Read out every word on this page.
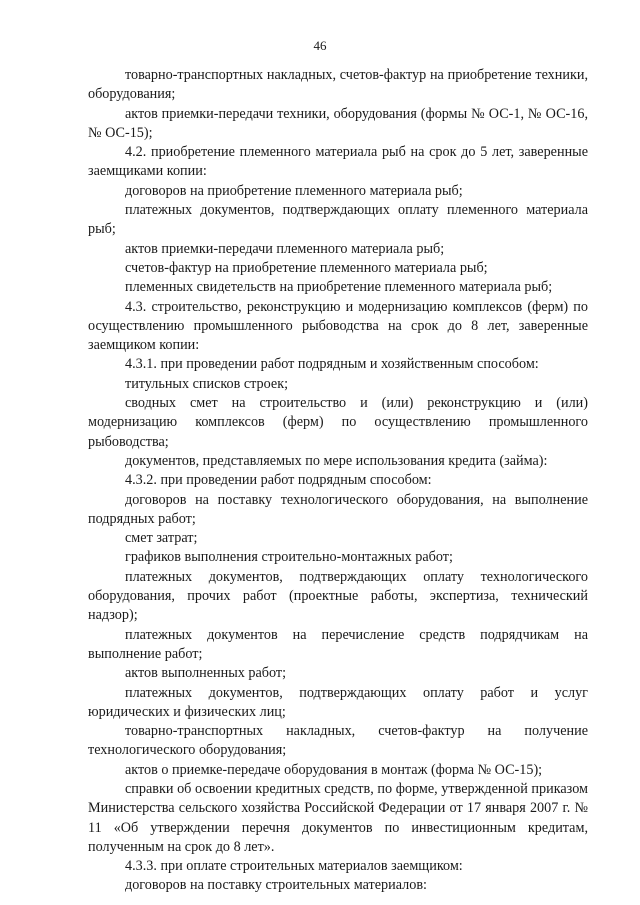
46

товарно-транспортных накладных, счетов-фактур на приобретение техники, оборудования;

актов приемки-передачи техники, оборудования (формы № ОС-1, № ОС-16, № ОС-15);

4.2. приобретение племенного материала рыб на срок до 5 лет, заверенные заемщиками копии:

договоров на приобретение племенного материала рыб;

платежных документов, подтверждающих оплату племенного материала рыб;

актов приемки-передачи племенного материала рыб;

счетов-фактур на приобретение племенного материала рыб;

племенных свидетельств на приобретение племенного материала рыб;

4.3. строительство, реконструкцию и модернизацию комплексов (ферм) по осуществлению промышленного рыбоводства на срок до 8 лет, заверенные заемщиком копии:

4.3.1. при проведении работ подрядным и хозяйственным способом:

титульных списков строек;

сводных смет на строительство и (или) реконструкцию и (или) модернизацию комплексов (ферм) по осуществлению промышленного рыбоводства;

документов, представляемых по мере использования кредита (займа):

4.3.2. при проведении работ подрядным способом:

договоров на поставку технологического оборудования, на выполнение подрядных работ;

смет затрат;

графиков выполнения строительно-монтажных работ;

платежных документов, подтверждающих оплату технологического оборудования, прочих работ (проектные работы, экспертиза, технический надзор);

платежных документов на перечисление средств подрядчикам на выполнение работ;

актов выполненных работ;

платежных документов, подтверждающих оплату работ и услуг юридических и физических лиц;

товарно-транспортных накладных, счетов-фактур на получение технологического оборудования;

актов о приемке-передаче оборудования в монтаж (форма № ОС-15);

справки об освоении кредитных средств, по форме, утвержденной приказом Министерства сельского хозяйства Российской Федерации от 17 января 2007 г. № 11 «Об утверждении перечня документов по инвестиционным кредитам, полученным на срок до 8 лет».

4.3.3. при оплате строительных материалов заемщиком:

договоров на поставку строительных материалов:
